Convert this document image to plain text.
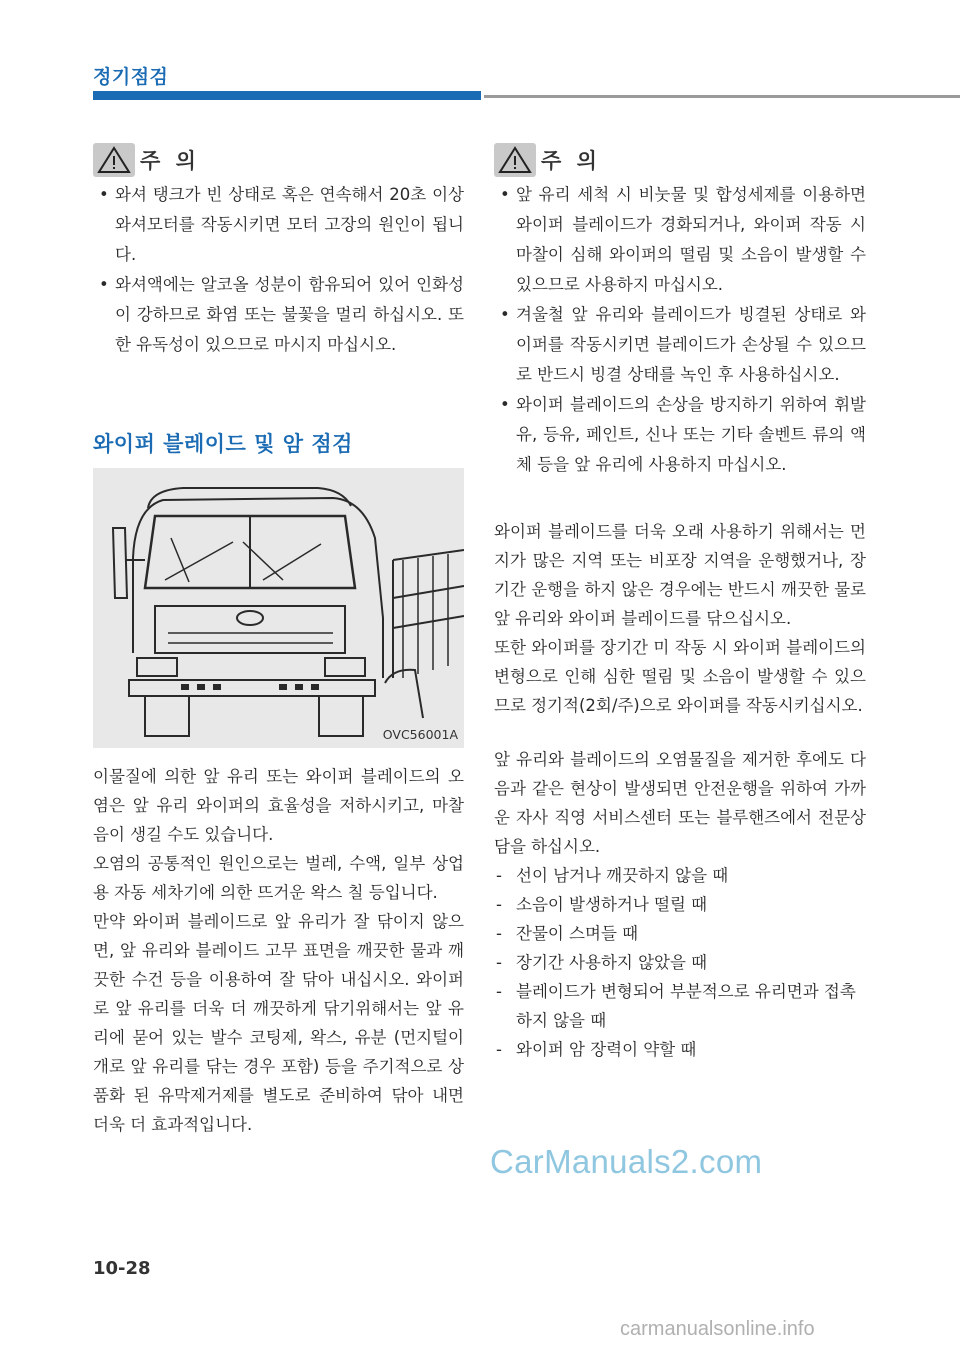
정기점검
주 의
• 와셔 탱크가 빈 상태로 혹은 연속해서 20초 이상 와셔모터를 작동시키면 모터 고장의 원인이 됩니다.
• 와셔액에는 알코올 성분이 함유되어 있어 인화성이 강하므로 화염 또는 불꽃을 멀리 하십시오. 또한 유독성이 있으므로 마시지 마십시오.
와이퍼 블레이드 및 암 점검
OVC56001A

이물질에 의한 앞 유리 또는 와이퍼 블레이드의 오염은 앞 유리 와이퍼의 효율성을 저하시키고, 마찰음이 생길 수도 있습니다.

오염의 공통적인 원인으로는 벌레, 수액, 일부 상업용 자동 세차기에 의한 뜨거운 왁스 칠 등입니다.

만약 와이퍼 블레이드로 앞 유리가 잘 닦이지 않으면, 앞 유리와 블레이드 고무 표면을 깨끗한 물과 깨끗한 수건 등을 이용하여 잘 닦아 내십시오. 와이퍼로 앞 유리를 더욱 더 깨끗하게 닦기위해서는 앞 유리에 묻어 있는 발수 코팅제, 왁스, 유분 (먼지털이개로 앞 유리를 닦는 경우 포함) 등을 주기적으로 상품화 된 유막제거제를 별도로 준비하여 닦아 내면 더욱 더 효과적입니다.

주 의
• 앞 유리 세척 시 비눗물 및 합성세제를 이용하면 와이퍼 블레이드가 경화되거나, 와이퍼 작동 시 마찰이 심해 와이퍼의 떨림 및 소음이 발생할 수 있으므로 사용하지 마십시오.
• 겨울철 앞 유리와 블레이드가 빙결된 상태로 와이퍼를 작동시키면 블레이드가 손상될 수 있으므로 반드시 빙결 상태를 녹인 후 사용하십시오.
• 와이퍼 블레이드의 손상을 방지하기 위하여 휘발유, 등유, 페인트, 신나 또는 기타 솔벤트 류의 액체 등을 앞 유리에 사용하지 마십시오.

와이퍼 블레이드를 더욱 오래 사용하기 위해서는 먼지가 많은 지역 또는 비포장 지역을 운행했거나, 장기간 운행을 하지 않은 경우에는 반드시 깨끗한 물로 앞 유리와 와이퍼 블레이드를 닦으십시오.

또한 와이퍼를 장기간 미 작동 시 와이퍼 블레이드의 변형으로 인해 심한 떨림 및 소음이 발생할 수 있으므로 정기적(2회/주)으로 와이퍼를 작동시키십시오.

앞 유리와 블레이드의 오염물질을 제거한 후에도 다음과 같은 현상이 발생되면 안전운행을 위하여 가까운 자사 직영 서비스센터 또는 블루핸즈에서 전문상담을 하십시오.

- 선이 남거나 깨끗하지 않을 때
- 소음이 발생하거나 떨릴 때
- 잔물이 스며들 때
- 장기간 사용하지 않았을 때
- 블레이드가 변형되어 부분적으로 유리면과 접촉하지 않을 때
- 와이퍼 암 장력이 약할 때
CarManuals2.com
10-28
carmanualsonline.info
